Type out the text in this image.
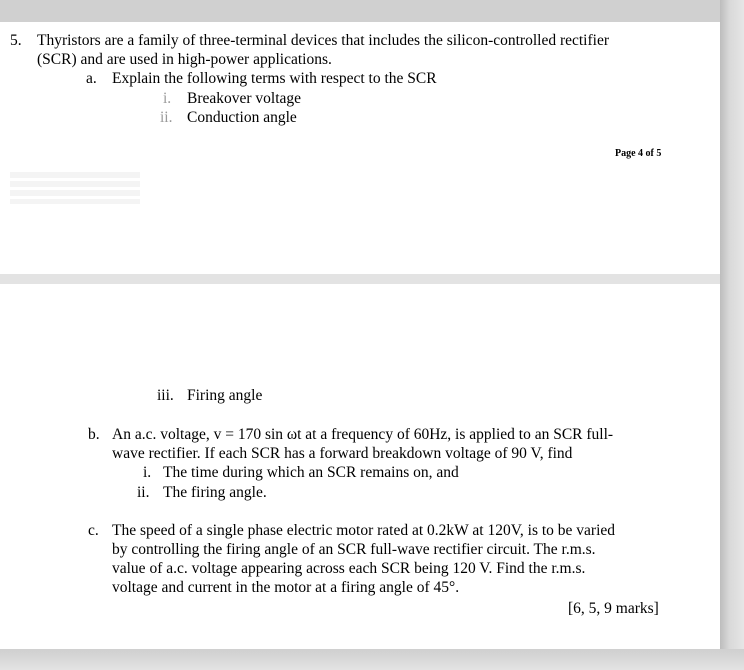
5. Thyristors are a family of three-terminal devices that includes the silicon-controlled rectifier
(SCR) and are used in high-power applications.
a. Explain the following terms with respect to the SCR
i. Breakover voltage
ii. Conduction angle
Page 4 of 5
iii. Firing angle
b. An a.c. voltage, v = 170 sin ωt at a frequency of 60Hz, is applied to an SCR full-
wave rectifier. If each SCR has a forward breakdown voltage of 90 V, find
i. The time during which an SCR remains on, and
ii. The firing angle.
c. The speed of a single phase electric motor rated at 0.2kW at 120V, is to be varied
by controlling the firing angle of an SCR full-wave rectifier circuit. The r.m.s.
value of a.c. voltage appearing across each SCR being 120 V. Find the r.m.s.
voltage and current in the motor at a firing angle of 45°.
[6, 5, 9 marks]
